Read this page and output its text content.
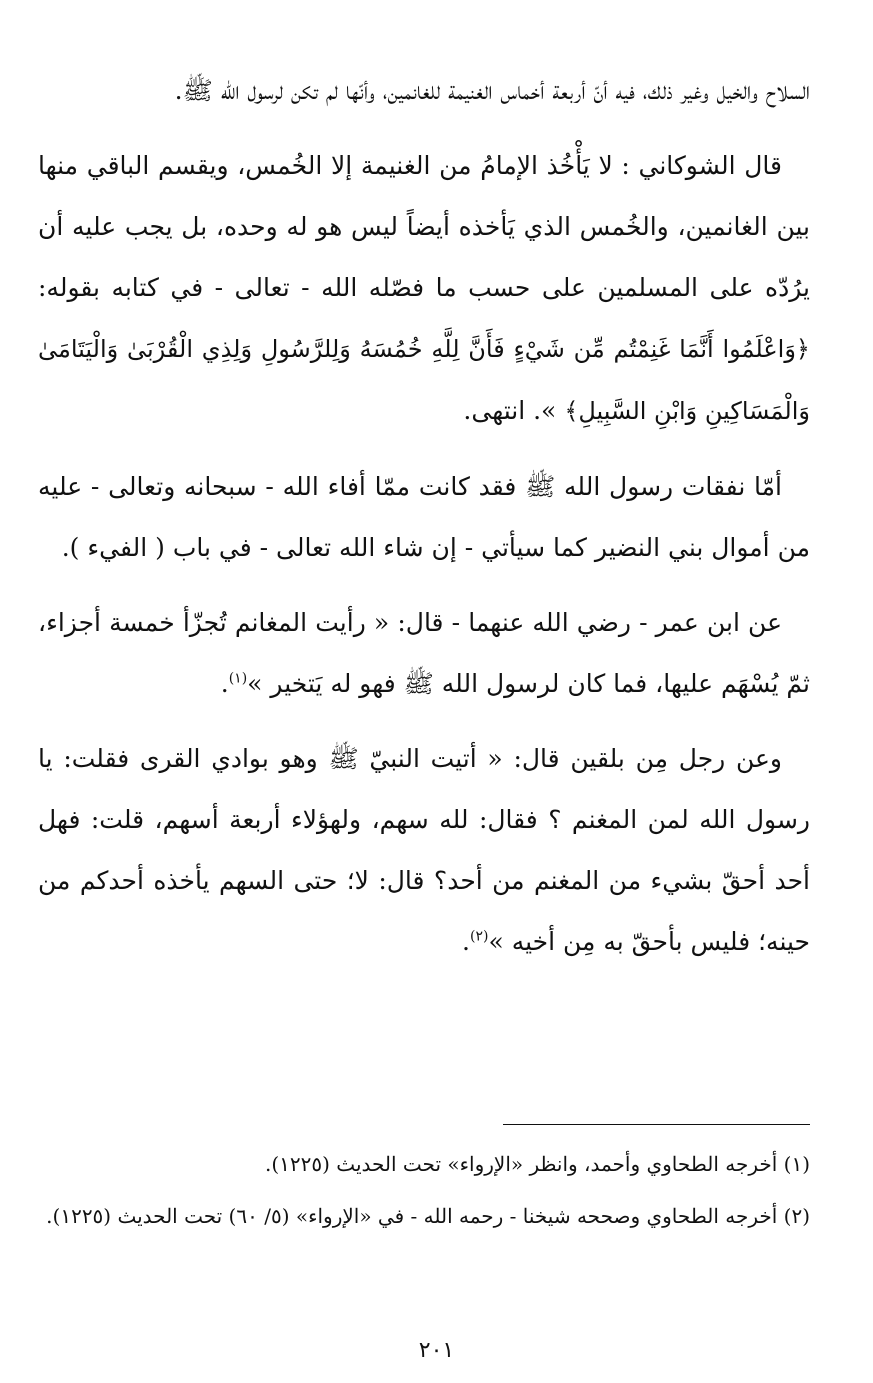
السلاح والخيل وغير ذلك، فيه أنّ أربعة أخماس الغنيمة للغانمين، وأنّها لم تكن لرسول الله ﷺ.

قال الشوكاني : لا يَأْخُذ الإمامُ من الغنيمة إلا الخُمس، ويقسم الباقي منها بين الغانمين، والخُمس الذي يَأخذه أيضاً ليس هو له وحده، بل يجب عليه أن يرُدّه على المسلمين على حسب ما فصّله الله - تعالى - في كتابه بقوله: ﴿وَاعْلَمُوا أَنَّمَا غَنِمْتُم مِّن شَيْءٍ فَأَنَّ لِلَّهِ خُمُسَهُ وَلِلرَّسُولِ وَلِذِي الْقُرْبَىٰ وَالْيَتَامَىٰ وَالْمَسَاكِينِ وَابْنِ السَّبِيلِ﴾ ». انتهى.

أمّا نفقات رسول الله ﷺ فقد كانت ممّا أفاء الله - سبحانه وتعالى - عليه من أموال بني النضير كما سيأتي - إن شاء الله تعالى - في باب ( الفيء ).

عن ابن عمر - رضي الله عنهما - قال: « رأيت المغانم تُجزّأ خمسة أجزاء، ثمّ يُسْهَم عليها، فما كان لرسول الله ﷺ فهو له يَتخير »$^{(١)}$.

وعن رجل مِن بلقين قال: « أتيت النبيّ ﷺ وهو بوادي القرى فقلت: يا رسول الله لمن المغنم ؟ فقال: لله سهم، ولهؤلاء أربعة أسهم، قلت: فهل أحد أحقّ بشيء من المغنم من أحد؟ قال: لا؛ حتى السهم يأخذه أحدكم من حينه؛ فليس بأحقّ به مِن أخيه »$^{(٢)}$.

(١) أخرجه الطحاوي وأحمد، وانظر «الإرواء» تحت الحديث (١٢٢٥).

(٢) أخرجه الطحاوي وصححه شيخنا - رحمه الله - في «الإرواء» (٥/ ٦٠) تحت الحديث (١٢٢٥).

٢٠١
